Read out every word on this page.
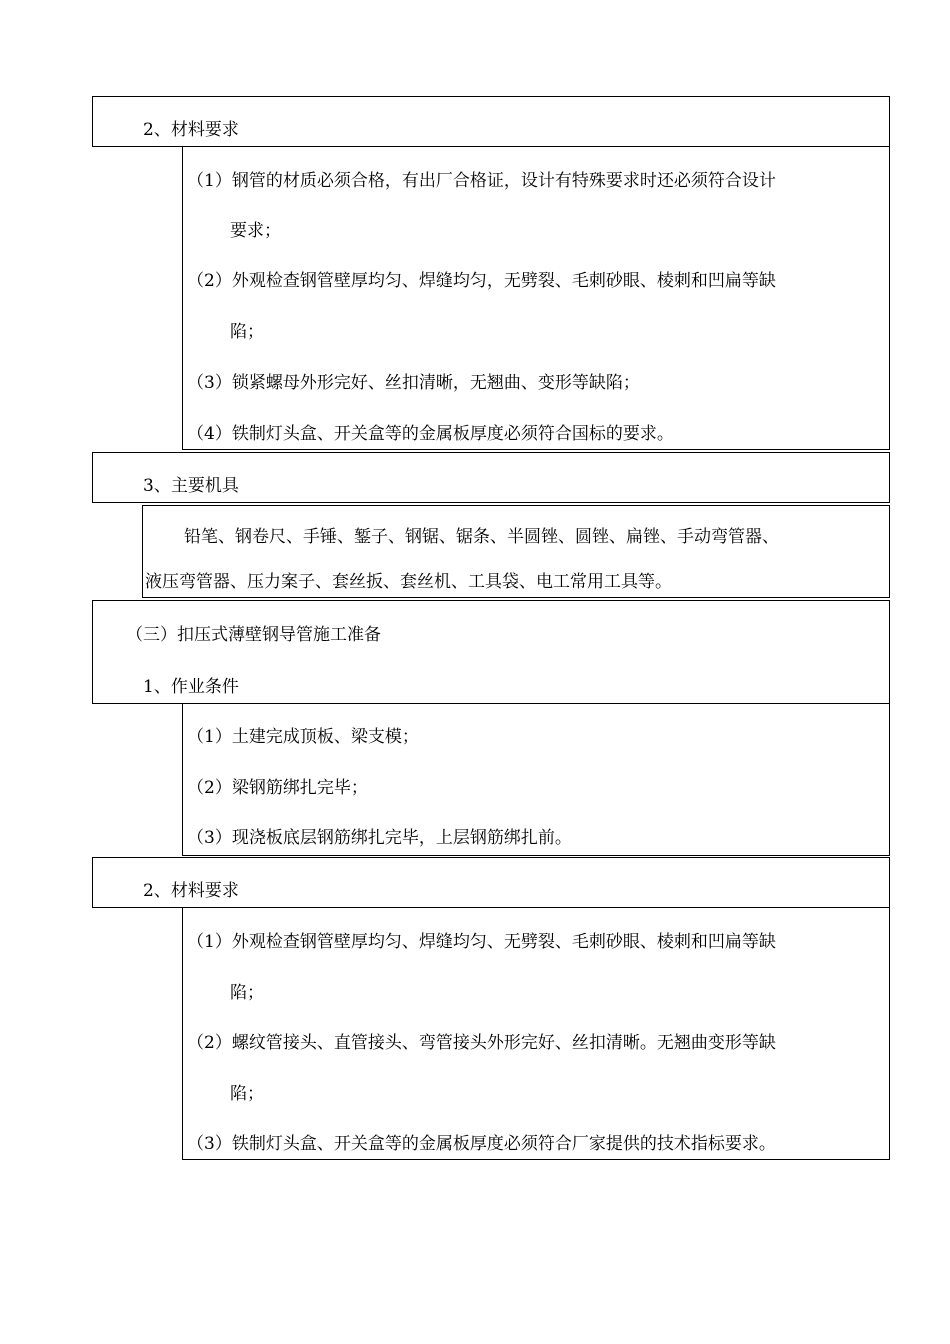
2、材料要求
（1）钢管的材质必须合格，有出厂合格证，设计有特殊要求时还必须符合设计
要求；
（2）外观检查钢管壁厚均匀、焊缝均匀，无劈裂、毛刺砂眼、棱刺和凹扁等缺
陷；
（3）锁紧螺母外形完好、丝扣清晰，无翘曲、变形等缺陷；
（4）铁制灯头盒、开关盒等的金属板厚度必须符合国标的要求。
3、主要机具
铅笔、钢卷尺、手锤、錾子、钢锯、锯条、半圆锉、圆锉、扁锉、手动弯管器、
液压弯管器、压力案子、套丝扳、套丝机、工具袋、电工常用工具等。
（三）扣压式薄壁钢导管施工准备
1、作业条件
（1）土建完成顶板、梁支模；
（2）梁钢筋绑扎完毕；
（3）现浇板底层钢筋绑扎完毕，上层钢筋绑扎前。
2、材料要求
（1）外观检查钢管壁厚均匀、焊缝均匀、无劈裂、毛刺砂眼、棱刺和凹扁等缺
陷；
（2）螺纹管接头、直管接头、弯管接头外形完好、丝扣清晰。无翘曲变形等缺
陷；
（3）铁制灯头盒、开关盒等的金属板厚度必须符合厂家提供的技术指标要求。
